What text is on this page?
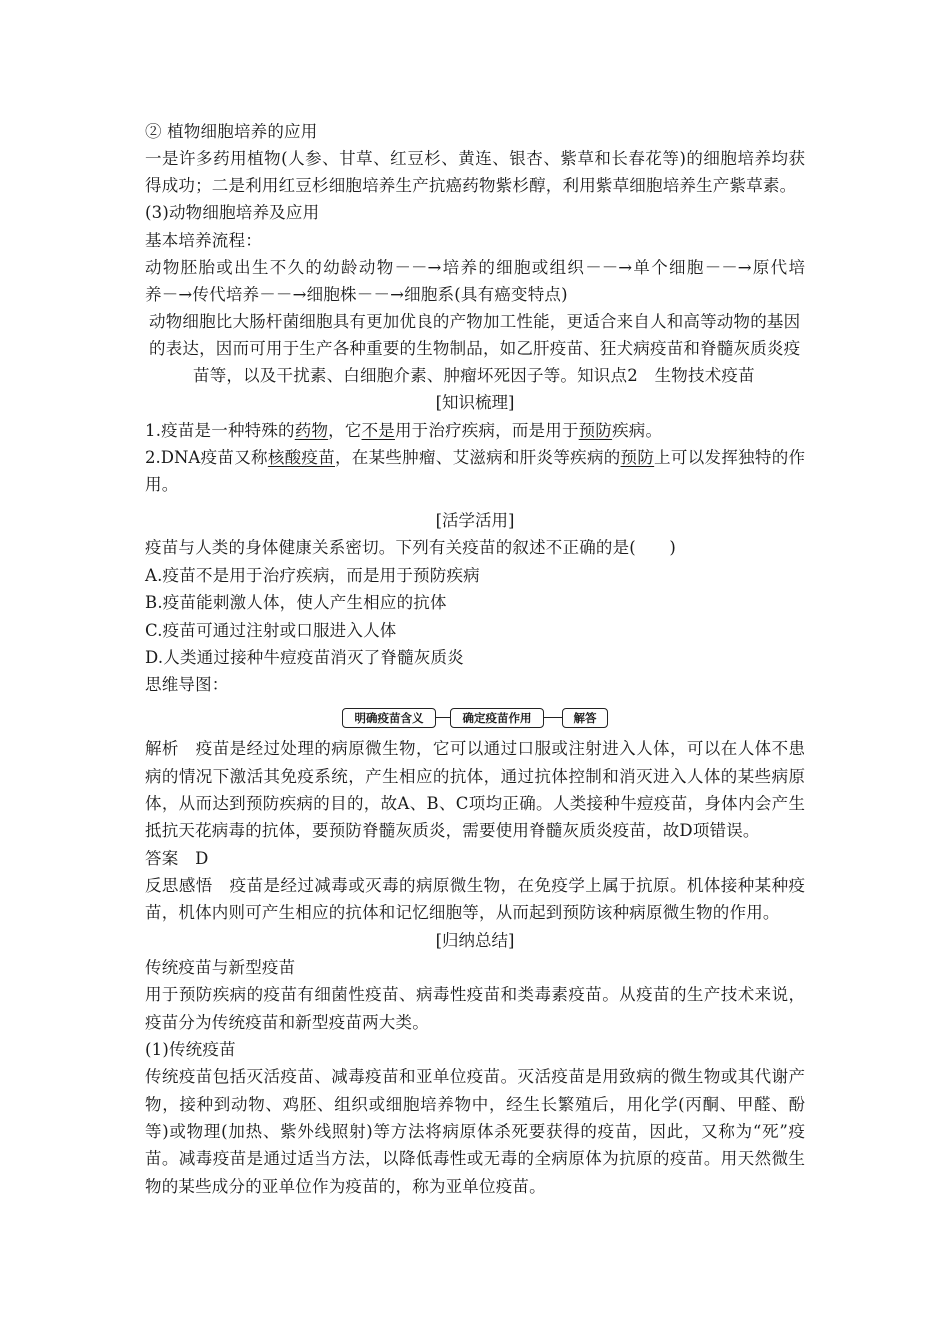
② 植物细胞培养的应用
一是许多药用植物(人参、甘草、红豆杉、黄连、银杏、紫草和长春花等)的细胞培养均获
得成功；二是利用红豆杉细胞培养生产抗癌药物紫杉醇，利用紫草细胞培养生产紫草素。
(3)动物细胞培养及应用
基本培养流程：
动物胚胎或出生不久的幼龄动物－－→培养的细胞或组织－－→单个细胞－－→原代培
养－→传代培养－－→细胞株－－→细胞系(具有癌变特点)
动物细胞比大肠杆菌细胞具有更加优良的产物加工性能，更适合来自人和高等动物的基因
的表达，因而可用于生产各种重要的生物制品，如乙肝疫苗、狂犬病疫苗和脊髓灰质炎疫
苗等，以及干扰素、白细胞介素、肿瘤坏死因子等。知识点2　生物技术疫苗
[知识梳理]
1.疫苗是一种特殊的药物，它不是用于治疗疾病，而是用于预防疾病。
2.DNA疫苗又称核酸疫苗，在某些肿瘤、艾滋病和肝炎等疾病的预防上可以发挥独特的作
用。
[活学活用]
疫苗与人类的身体健康关系密切。下列有关疫苗的叙述不正确的是(　　)
A.疫苗不是用于治疗疾病，而是用于预防疾病
B.疫苗能刺激人体，使人产生相应的抗体
C.疫苗可通过注射或口服进入人体
D.人类通过接种牛痘疫苗消灭了脊髓灰质炎
思维导图：
明确疫苗含义	确定疫苗作用	解答
解析　疫苗是经过处理的病原微生物，它可以通过口服或注射进入人体，可以在人体不患
病的情况下激活其免疫系统，产生相应的抗体，通过抗体控制和消灭进入人体的某些病原
体，从而达到预防疾病的目的，故A、B、C项均正确。人类接种牛痘疫苗，身体内会产生
抵抗天花病毒的抗体，要预防脊髓灰质炎，需要使用脊髓灰质炎疫苗，故D项错误。
答案　D
反思感悟　疫苗是经过减毒或灭毒的病原微生物，在免疫学上属于抗原。机体接种某种疫
苗，机体内则可产生相应的抗体和记忆细胞等，从而起到预防该种病原微生物的作用。
[归纳总结]
传统疫苗与新型疫苗
用于预防疾病的疫苗有细菌性疫苗、病毒性疫苗和类毒素疫苗。从疫苗的生产技术来说，
疫苗分为传统疫苗和新型疫苗两大类。
(1)传统疫苗
传统疫苗包括灭活疫苗、减毒疫苗和亚单位疫苗。灭活疫苗是用致病的微生物或其代谢产
物，接种到动物、鸡胚、组织或细胞培养物中，经生长繁殖后，用化学(丙酮、甲醛、酚
等)或物理(加热、紫外线照射)等方法将病原体杀死要获得的疫苗，因此，又称为“死”疫
苗。减毒疫苗是通过适当方法，以降低毒性或无毒的全病原体为抗原的疫苗。用天然微生
物的某些成分的亚单位作为疫苗的，称为亚单位疫苗。
